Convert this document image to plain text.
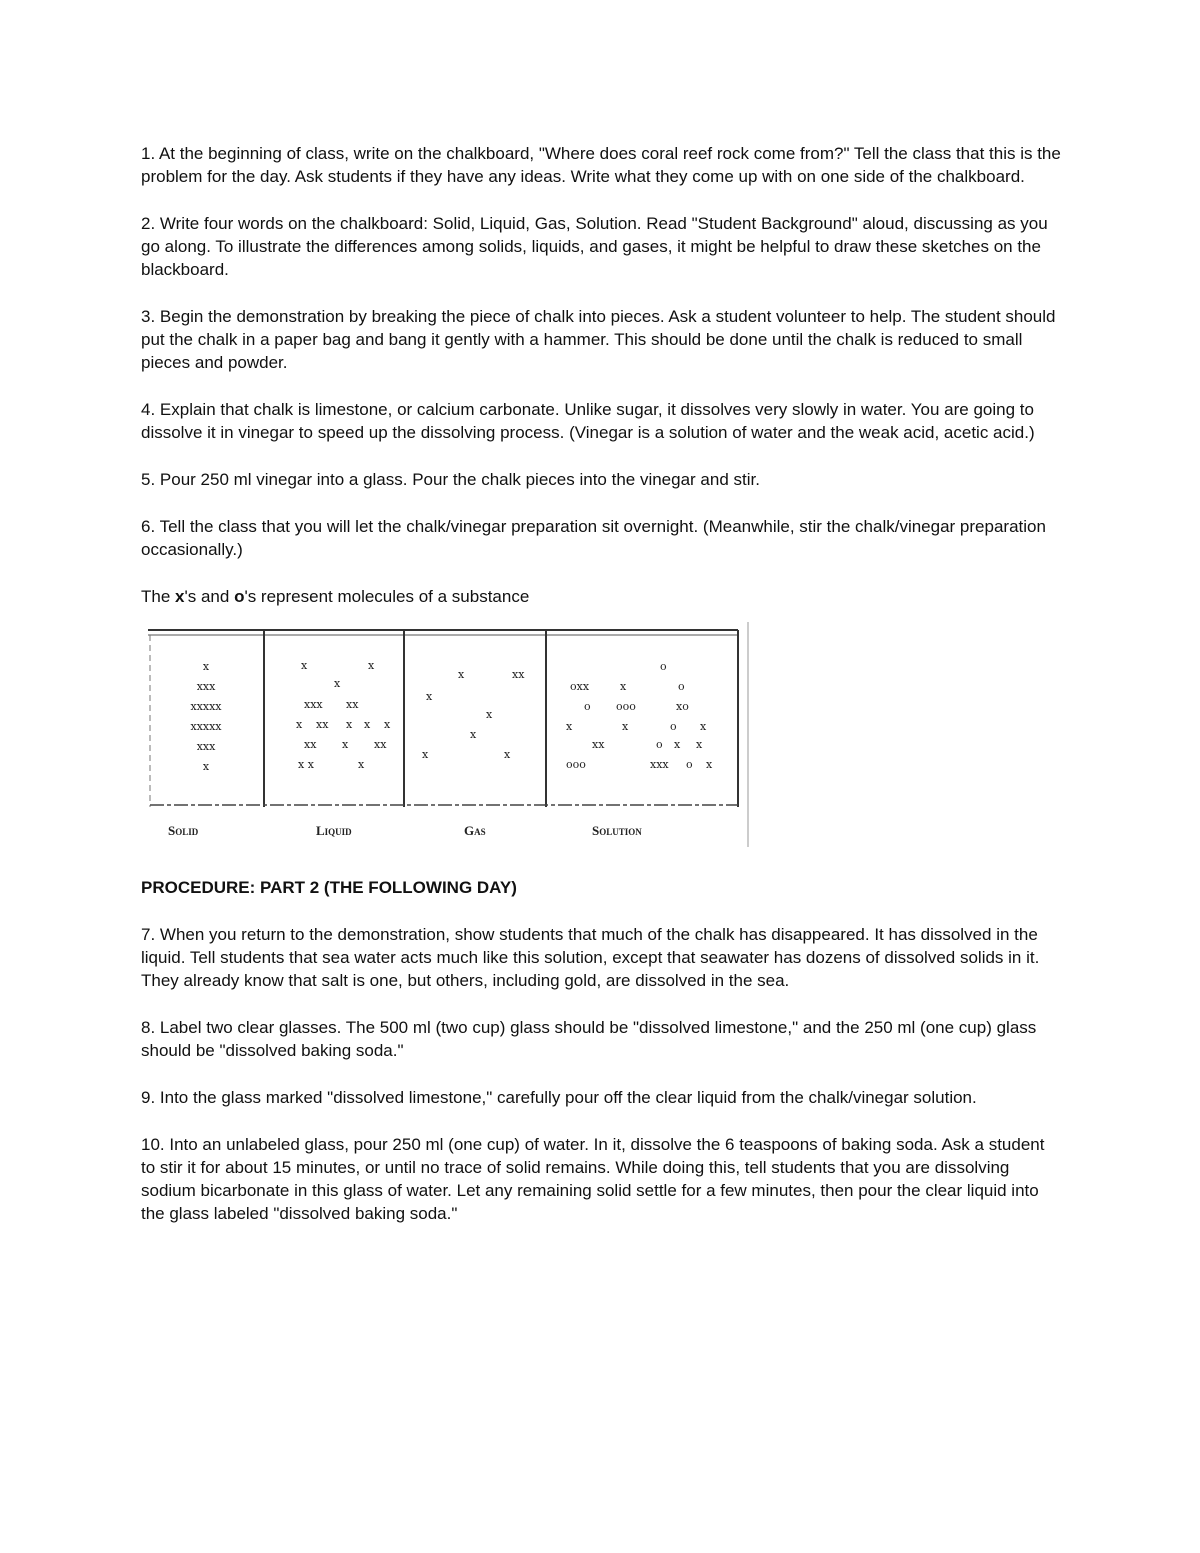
1. At the beginning of class, write on the chalkboard, "Where does coral reef rock come from?" Tell the class that this is the problem for the day. Ask students if they have any ideas. Write what they come up with on one side of the chalkboard.

2. Write four words on the chalkboard: Solid, Liquid, Gas, Solution. Read "Student Background" aloud, discussing as you go along. To illustrate the differences among solids, liquids, and gases, it might be helpful to draw these sketches on the blackboard.

3. Begin the demonstration by breaking the piece of chalk into pieces. Ask a student volunteer to help. The student should put the chalk in a paper bag and bang it gently with a hammer. This should be done until the chalk is reduced to small pieces and powder.

4. Explain that chalk is limestone, or calcium carbonate. Unlike sugar, it dissolves very slowly in water. You are going to dissolve it in vinegar to speed up the dissolving process. (Vinegar is a solution of water and the weak acid, acetic acid.)

5. Pour 250 ml vinegar into a glass. Pour the chalk pieces into the vinegar and stir.

6. Tell the class that you will let the chalk/vinegar preparation sit overnight. (Meanwhile, stir the chalk/vinegar preparation occasionally.)

The x's and o's represent molecules of a substance

x
xxx
xxxxx
xxxxx
xxx
x
x	x
x
xxx xx
x xx x x x
xx x xx
x x	x
x	xx
x
x
x
x	x
o
oxx	x	o
o ooo	xo
x	x	o x
xx	o x x
ooo	xxx o x
Solid	Liquid	Gas	Solution

PROCEDURE: PART 2 (THE FOLLOWING DAY)

7. When you return to the demonstration, show students that much of the chalk has disappeared. It has dissolved in the liquid. Tell students that sea water acts much like this solution, except that seawater has dozens of dissolved solids in it. They already know that salt is one, but others, including gold, are dissolved in the sea.

8. Label two clear glasses. The 500 ml (two cup) glass should be "dissolved limestone," and the 250 ml (one cup) glass should be "dissolved baking soda."

9. Into the glass marked "dissolved limestone," carefully pour off the clear liquid from the chalk/vinegar solution.

10. Into an unlabeled glass, pour 250 ml (one cup) of water. In it, dissolve the 6 teaspoons of baking soda. Ask a student to stir it for about 15 minutes, or until no trace of solid remains. While doing this, tell students that you are dissolving sodium bicarbonate in this glass of water. Let any remaining solid settle for a few minutes, then pour the clear liquid into the glass labeled "dissolved baking soda."
